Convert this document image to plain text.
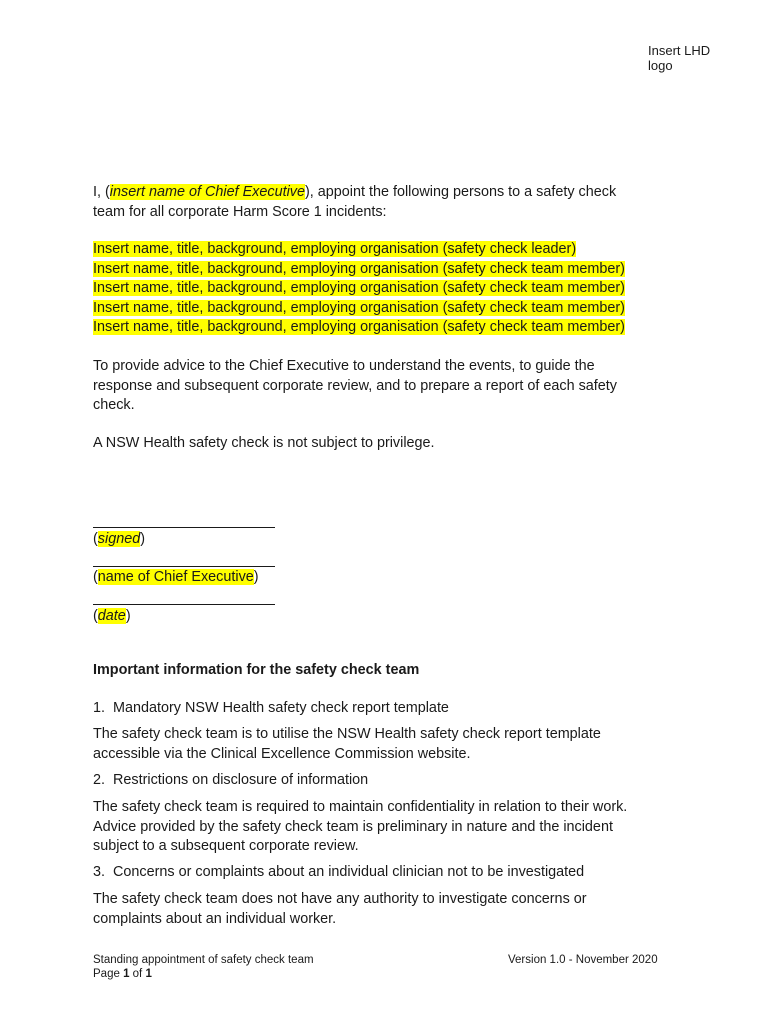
Insert LHD
logo

I, (insert name of Chief Executive), appoint the following persons to a safety check

team for all corporate Harm Score 1 incidents:

Insert name, title, background, employing organisation (safety check leader)

Insert name, title, background, employing organisation (safety check team member)

Insert name, title, background, employing organisation (safety check team member)

Insert name, title, background, employing organisation (safety check team member)

Insert name, title, background, employing organisation (safety check team member)

To provide advice to the Chief Executive to understand the events, to guide the

response and subsequent corporate review, and to prepare a report of each safety

check.

A NSW Health safety check is not subject to privilege.
(signed)
(name of Chief Executive)
(date)
Important information for the safety check team
1. Mandatory NSW Health safety check report template

The safety check team is to utilise the NSW Health safety check report template

accessible via the Clinical Excellence Commission website.

2. Restrictions on disclosure of information

The safety check team is required to maintain confidentiality in relation to their work.

Advice provided by the safety check team is preliminary in nature and the incident

subject to a subsequent corporate review.

3. Concerns or complaints about an individual clinician not to be investigated

The safety check team does not have any authority to investigate concerns or

complaints about an individual worker.

Standing appointment of safety check team
Page 1 of 1
Version 1.0 - November 2020
